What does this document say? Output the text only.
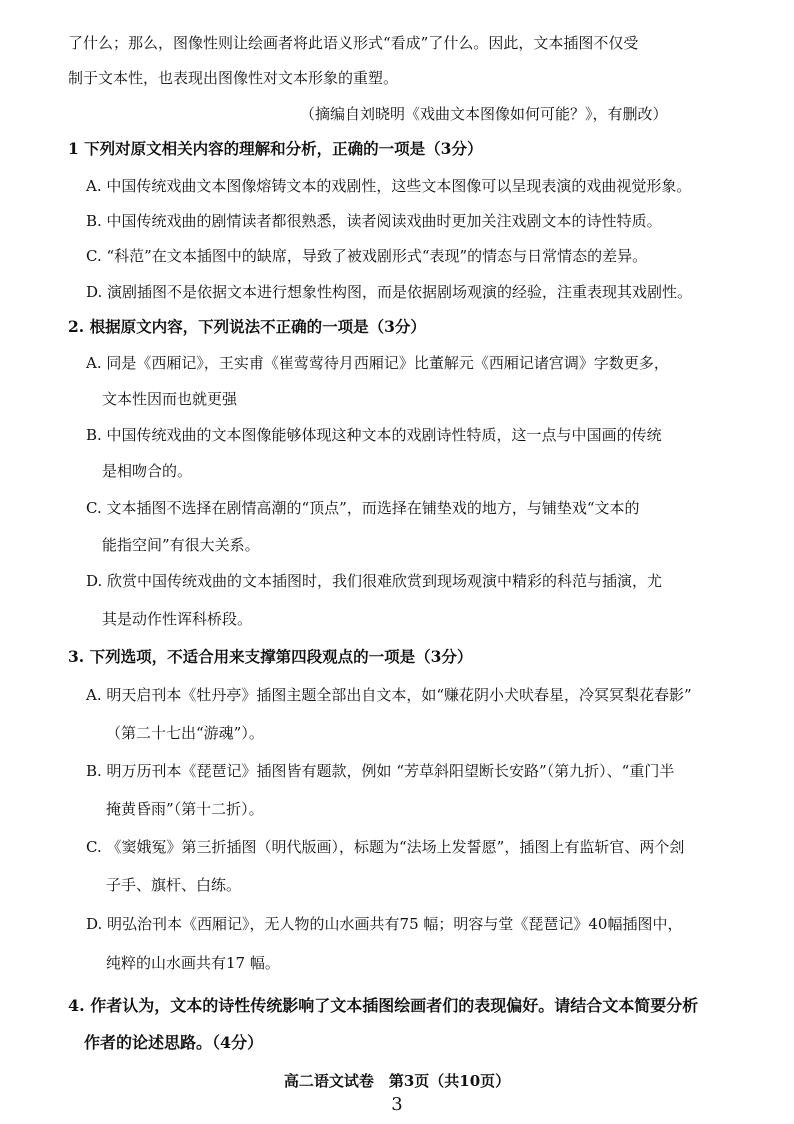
了什么；那么，图像性则让绘画者将此语义形式“看成”了什么。因此，文本插图不仅受
制于文本性，也表现出图像性对文本形象的重塑。
（摘编自刘晓明《戏曲文本图像如何可能？》，有删改）
1 下列对原文相关内容的理解和分析，正确的一项是（3分）
A. 中国传统戏曲文本图像熔铸文本的戏剧性，这些文本图像可以呈现表演的戏曲视觉形象。
B. 中国传统戏曲的剧情读者都很熟悉，读者阅读戏曲时更加关注戏剧文本的诗性特质。
C. “科范”在文本插图中的缺席，导致了被戏剧形式“表现”的情态与日常情态的差异。
D. 演剧插图不是依据文本进行想象性构图，而是依据剧场观演的经验，注重表现其戏剧性。
2. 根据原文内容，下列说法不正确的一项是（3分）
A. 同是《西厢记》，王实甫《崔莺莺待月西厢记》比董解元《西厢记诸宫调》字数更多，
文本性因而也就更强
B. 中国传统戏曲的文本图像能够体现这种文本的戏剧诗性特质，这一点与中国画的传统
是相吻合的。
C. 文本插图不选择在剧情高潮的“顶点”，而选择在铺垫戏的地方，与铺垫戏“文本的
能指空间”有很大关系。
D. 欣赏中国传统戏曲的文本插图时，我们很难欣赏到现场观演中精彩的科范与插演，尤
其是动作性诨科桥段。
3. 下列选项，不适合用来支撑第四段观点的一项是（3分）
A. 明天启刊本《牡丹亭》插图主题全部出自文本，如“赚花阴小犬吠春星，冷冥冥梨花春影”
（第二十七出“游魂”）。
B. 明万历刊本《琵琶记》插图皆有题款，例如 “芳草斜阳望断长安路”（第九折）、“重门半
掩黄昏雨”（第十二折）。
C. 《窦娥冤》第三折插图（明代版画），标题为“法场上发誓愿”，插图上有监斩官、两个刽
子手、旗杆、白练。
D. 明弘治刊本《西厢记》，无人物的山水画共有75 幅；明容与堂《琵琶记》40幅插图中，
纯粹的山水画共有17 幅。
4. 作者认为，文本的诗性传统影响了文本插图绘画者们的表现偏好。请结合文本简要分析
作者的论述思路。（4分）
高二语文试卷　第3页（共10页）
3
